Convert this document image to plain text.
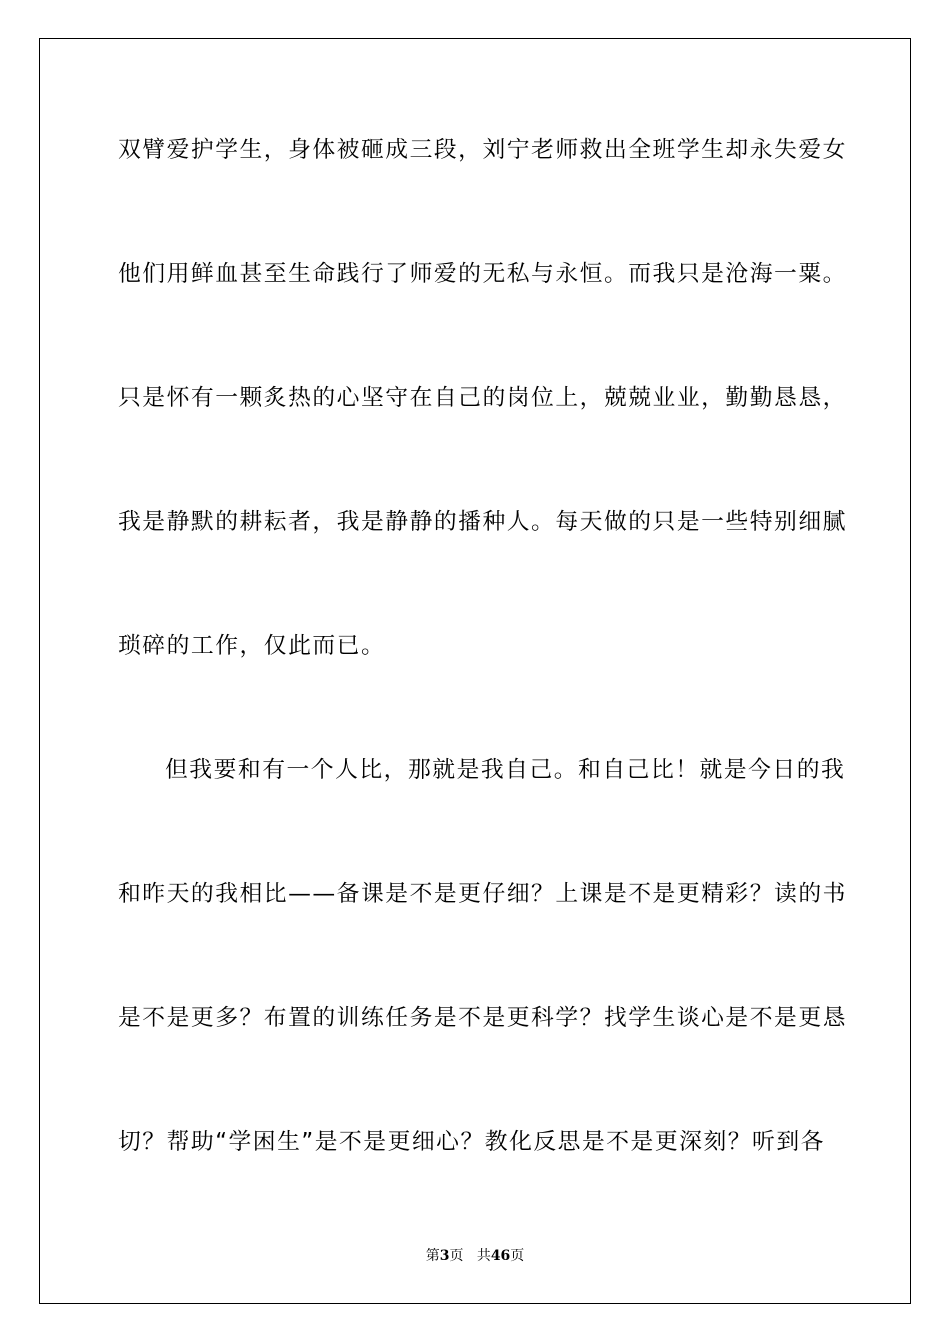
双臂爱护学生，身体被砸成三段，刘宁老师救出全班学生却永失爱女
他们用鲜血甚至生命践行了师爱的无私与永恒。而我只是沧海一粟。
只是怀有一颗炙热的心坚守在自己的岗位上，兢兢业业，勤勤恳恳，
我是静默的耕耘者，我是静静的播种人。每天做的只是一些特别细腻
琐碎的工作，仅此而已。
但我要和有一个人比，那就是我自己。和自己比！就是今日的我
和昨天的我相比——备课是不是更仔细？上课是不是更精彩？读的书
是不是更多？布置的训练任务是不是更科学？找学生谈心是不是更恳
切？帮助“学困生”是不是更细心？教化反思是不是更深刻？听到各
第3页 共46页
